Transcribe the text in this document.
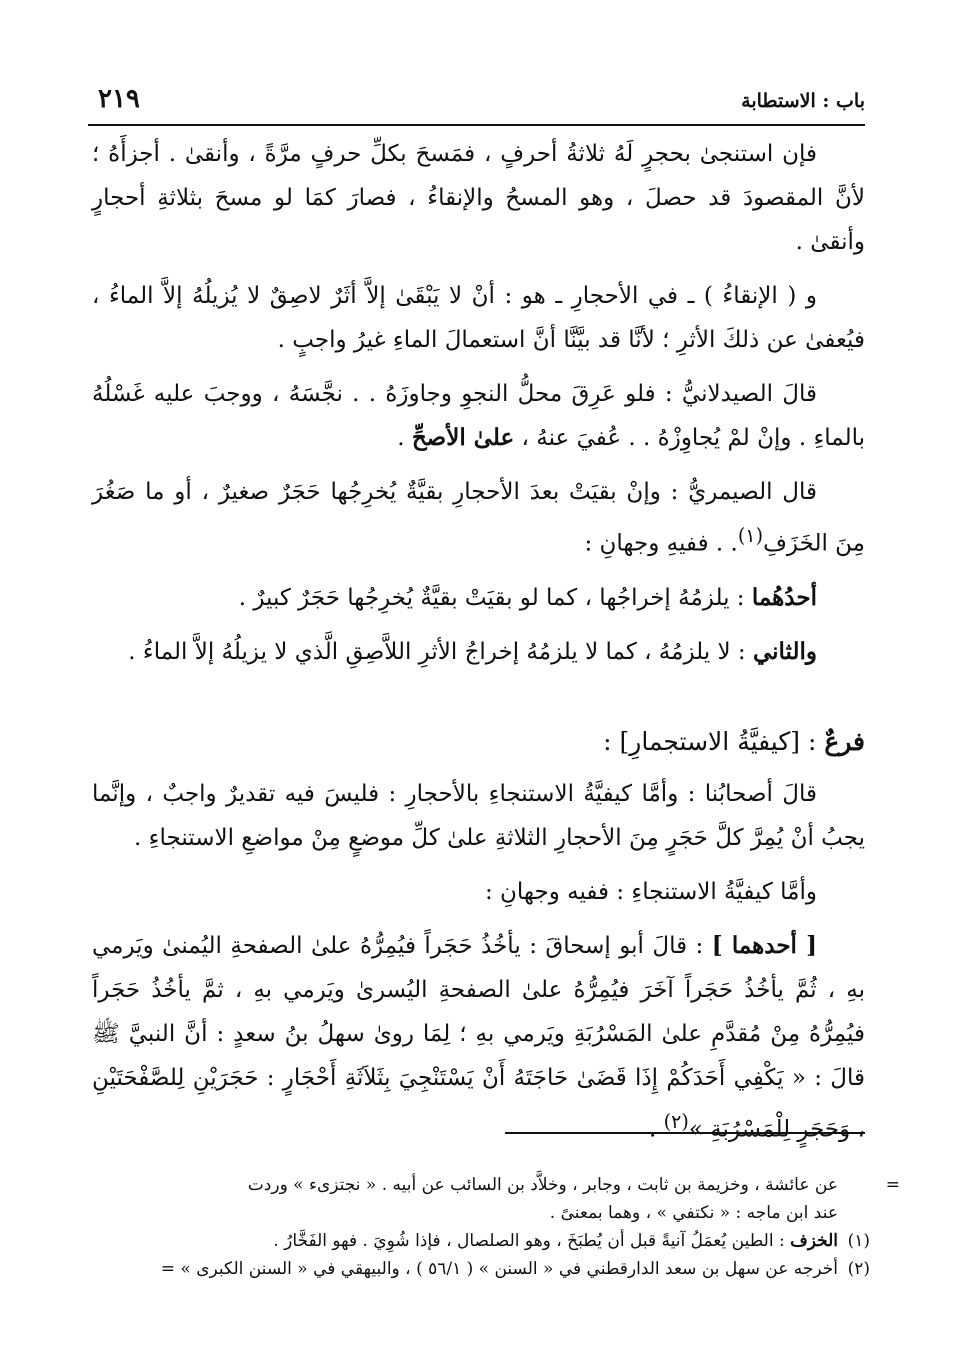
باب : الاستطابة
٢١٩

فإن استنجىٰ بحجرٍ لَهُ ثلاثةُ أحرفٍ ، فمَسحَ بكلِّ حرفٍ مرَّةً ، وأنقىٰ . أجزأَهُ ؛ لأنَّ المقصودَ قد حصلَ ، وهو المسحُ والإنقاءُ ، فصارَ كمَا لو مسحَ بثلاثةِ أحجارٍ وأنقىٰ .

و ( الإنقاءُ ) ـ في الأحجارِ ـ هو : أنْ لا يَبْقَىٰ إلاَّ أثَرٌ لاصِقٌ لا يُزيلُهُ إلاَّ الماءُ ، فيُعفىٰ عن ذلكَ الأثرِ ؛ لأنَّا قد بيَّنَّا أنَّ استعمالَ الماءِ غيرُ واجبٍ .

قالَ الصيدلانيُّ : فلو عَرِقَ محلُّ النجوِ وجاوزَهُ . . نجَّسَهُ ، ووجبَ عليه غَسْلُهُ بالماءِ . وإنْ لمْ يُجاوِزْهُ . . عُفيَ عنهُ ، علىٰ الأصحِّ .

قال الصيمريُّ : وإنْ بقيَتْ بعدَ الأحجارِ بقيَّةٌ يُخرِجُها حَجَرٌ صغيرٌ ، أو ما صَغُرَ مِنَ الخَزَفِ$^{(١)}$. . ففيهِ وجهانِ :

أحدُهُما : يلزمُهُ إخراجُها ، كما لو بقيَتْ بقيَّةٌ يُخرِجُها حَجَرٌ كبيرٌ .

والثاني : لا يلزمُهُ ، كما لا يلزمُهُ إخراجُ الأثرِ اللاَّصِقِ الَّذي لا يزيلُهُ إلاَّ الماءُ .

فرعٌ : [كيفيَّةُ الاستجمارِ] :

قالَ أصحابُنا : وأمَّا كيفيَّةُ الاستنجاءِ بالأحجارِ : فليسَ فيه تقديرٌ واجبٌ ، وإنَّما يجبُ أنْ يُمِرَّ كلَّ حَجَرٍ مِنَ الأحجارِ الثلاثةِ علىٰ كلِّ موضعٍ مِنْ مواضعِ الاستنجاءِ .

وأمَّا كيفيَّةُ الاستنجاءِ : ففيه وجهانِ :

[ أحدهما ] : قالَ أبو إسحاقَ : يأخُذُ حَجَراً فيُمِرُّهُ علىٰ الصفحةِ اليُمنىٰ ويَرمي بهِ ، ثُمَّ يأخُذُ حَجَراً آخَرَ فيُمِرُّهُ علىٰ الصفحةِ اليُسرىٰ ويَرمي بهِ ، ثمَّ يأخُذُ حَجَراً فيُمِرُّهُ مِنْ مُقدَّمِ علىٰ المَسْرُبَةِ ويَرمي بهِ ؛ لِمَا روىٰ سهلُ بنُ سعدٍ : أنَّ النبيَّ ﷺ قالَ : « يَكْفِي أَحَدَكُمْ إِذَا قَضَىٰ حَاجَتَهُ أَنْ يَسْتَنْجِيَ بِثَلاَثَةِ أَحْجَارٍ : حَجَرَيْنِ لِلصَّفْحَتَيْنِ ، وَحَجَرٍ لِلْمَسْرُبَةِ »$^{(٢)}$ .

=
عن عائشة ، وخزيمة بن ثابت ، وجابر ، وخلاَّد بن السائب عن أبيه . « نجتزىء » وردت

عند ابن ماجه : « نكتفي » ، وهما بمعنىً .

(١)الخزف : الطين يُعمَلُ آنيةً قبل أن يُطبَخَ ، وهو الصلصال ، فإذا شُوِيَ . فهو الفَخَّارُ .

(٢)أخرجه عن سهل بن سعد الدارقطني في « السنن » ( ٥٦/١ ) ، والبيهقي في « السنن الكبرى » =
